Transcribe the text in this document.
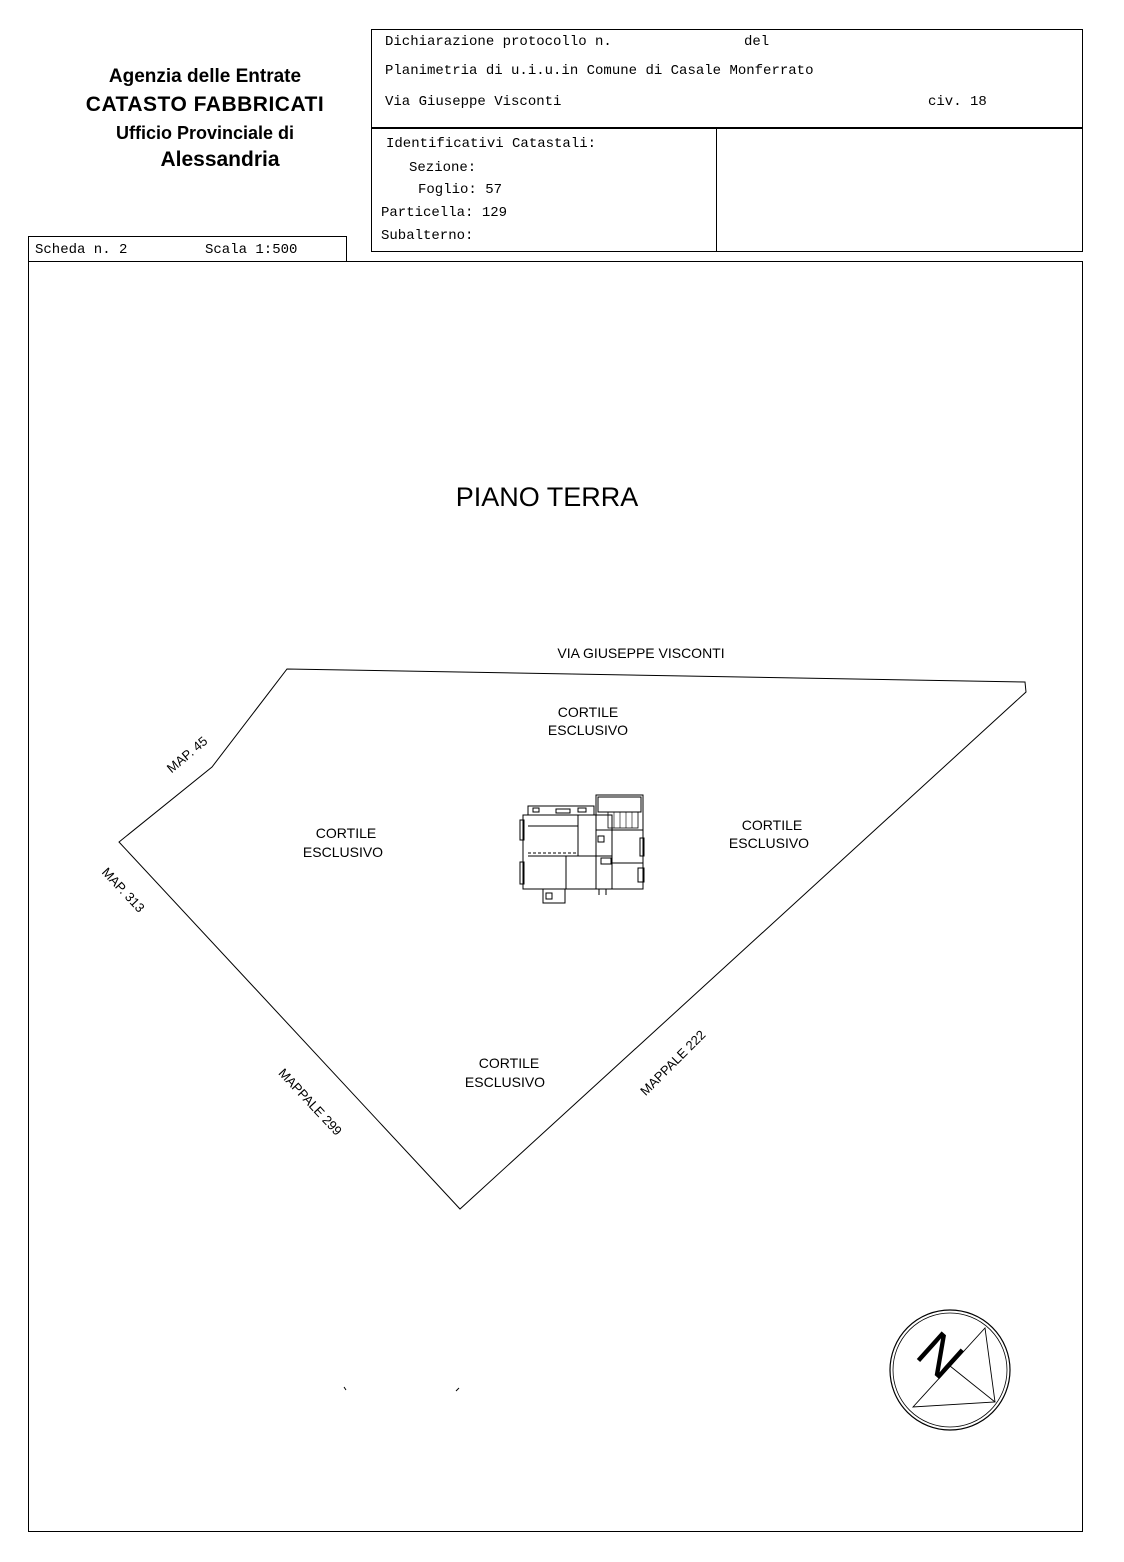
Agenzia delle Entrate
CATASTO FABBRICATI
Ufficio Provinciale di
Alessandria
Dichiarazione protocollo n.	del
Planimetria di u.i.u.in Comune di Casale Monferrato
Via Giuseppe Visconti	civ. 18
Identificativi Catastali:
Sezione:
Foglio: 57
Particella: 129
Subalterno:
Scheda n. 2	Scala 1:500
PIANO TERRA
VIA GIUSEPPE VISCONTI
CORTILE
ESCLUSIVO
CORTILE
ESCLUSIVO
CORTILE
ESCLUSIVO
CORTILE
ESCLUSIVO
MAP. 45
MAP. 313
MAPPALE 299
MAPPALE 222
N
